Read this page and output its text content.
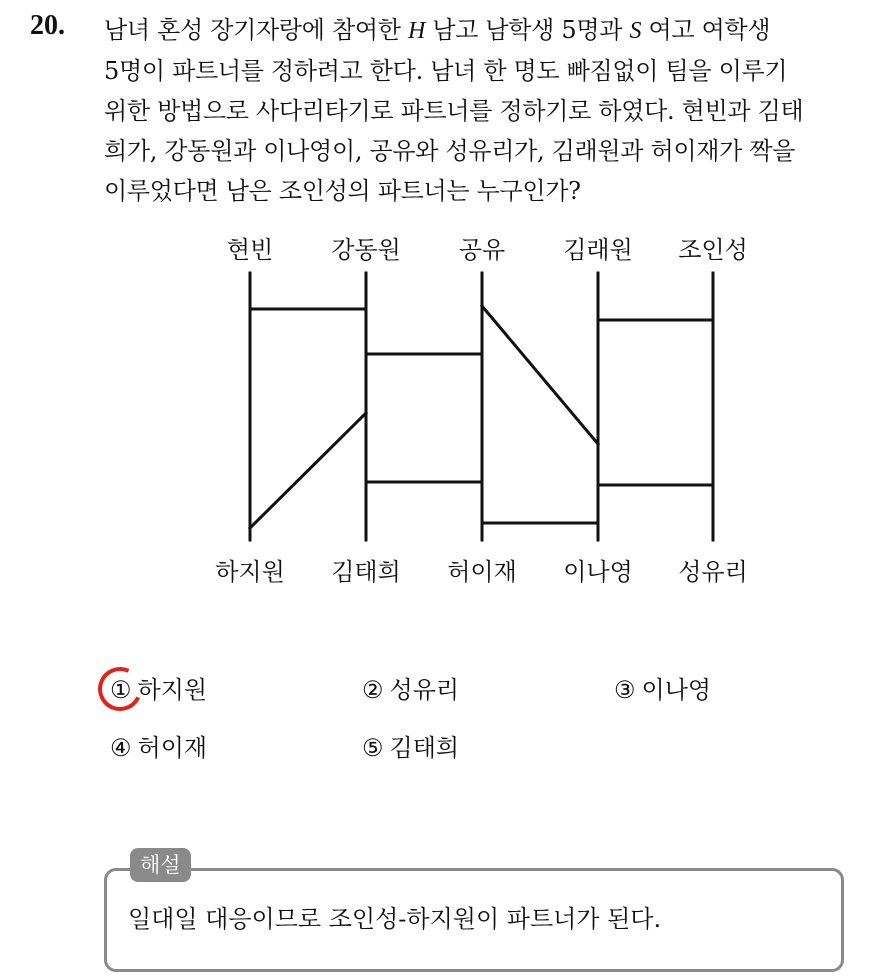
20. 남녀 혼성 장기자랑에 참여한 H 남고 남학생 5명과 S 여고 여학생
5명이 파트너를 정하려고 한다. 남녀 한 명도 빠짐없이 팀을 이루기
위한 방법으로 사다리타기로 파트너를 정하기로 하였다. 현빈과 김태
희가, 강동원과 이나영이, 공유와 성유리가, 김래원과 허이재가 짝을
이루었다면 남은 조인성의 파트너는 누구인가?
현빈 강동원 공유 김래원 조인성
하지원 김태희 허이재 이나영 성유리
① 하지원	② 성유리	③ 이나영
④ 허이재	⑤ 김태희
해설
일대일 대응이므로 조인성-하지원이 파트너가 된다.
